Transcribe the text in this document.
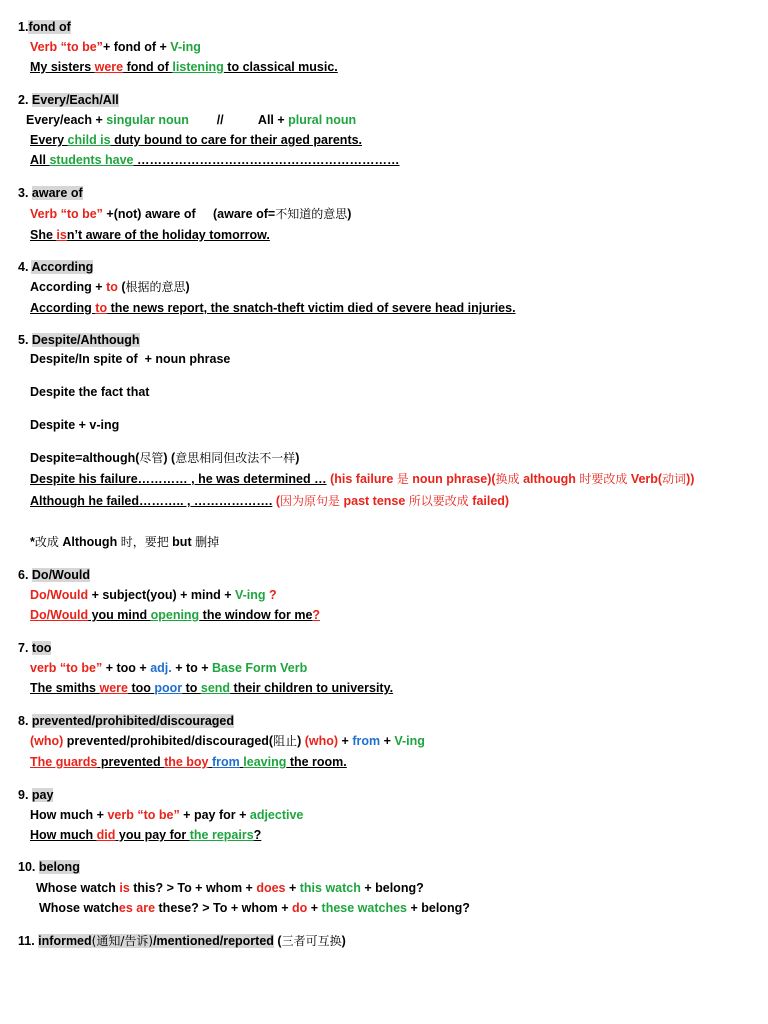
1.fond of
Verb “to be”+ fond of + V-ing
My sisters were fond of listening to classical music.
2. Every/Each/All
Every/each + singular noun        //          All + plural noun
Every child is duty bound to care for their aged parents.
All students have ………………………………………………………
3. aware of
Verb “to be” +(not) aware of     (aware of=不知道的意思)
She isn’t aware of the holiday tomorrow.
4. According
According + to (根据的意思)
According to the news report, the snatch-theft victim died of severe head injuries.
5. Despite/Ahthough
Despite/In spite of  + noun phrase
Despite the fact that
Despite + v-ing
Despite=although(尽管) (意思相同但改法不一样)
Despite his failure………… , he was determined … (his failure 是 noun phrase)(换成 although 时要改成 Verb(动词))
Although he failed……….. , ………………. (因为原句是 past tense 所以要改成 failed)
*改成 Although 时，要把 but 删掉
6. Do/Would
Do/Would + subject(you) + mind + V-ing ?
Do/Would you mind opening the window for me?
7. too
verb “to be” + too + adj. + to + Base Form Verb
The smiths were too poor to send their children to university.
8. prevented/prohibited/discouraged
(who) prevented/prohibited/discouraged(阻止) (who) + from + V-ing
The guards prevented the boy from leaving the room.
9. pay
How much + verb “to be” + pay for + adjective
How much did you pay for the repairs?
10. belong
Whose watch is this? > To + whom + does + this watch + belong?
Whose watches are these? > To + whom + do + these watches + belong?
11. informed(通知/告诉)/mentioned/reported (三者可互换)
